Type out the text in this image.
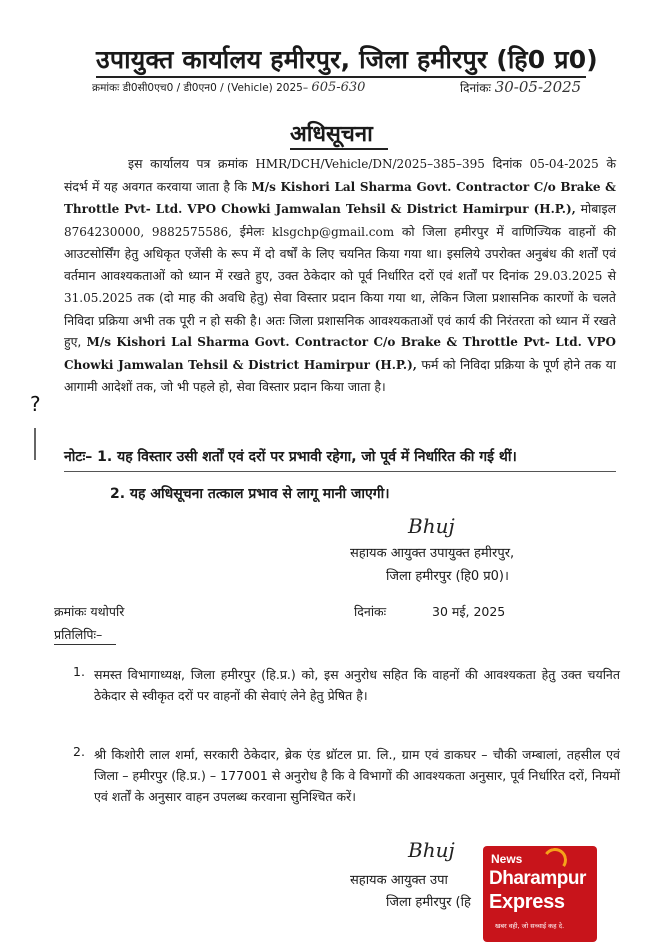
उपायुक्त कार्यालय हमीरपुर, जिला हमीरपुर (हि0 प्र0)
क्रमांकः डी0सी0एच0 / डी0एन0 / (Vehicle) 2025– 605-630	दिनांकः 30-05-2025
अधिसूचना
इस कार्यालय पत्र क्रमांक HMR/DCH/Vehicle/DN/2025–385–395 दिनांक 05-04-2025 के संदर्भ में यह अवगत करवाया जाता है कि M/s Kishori Lal Sharma Govt. Contractor C/o Brake & Throttle Pvt- Ltd. VPO Chowki Jamwalan Tehsil & District Hamirpur (H.P.), मोबाइल 8764230000, 9882575586, ईमेलः klsgchp@gmail.com को जिला हमीरपुर में वाणिज्यिक वाहनों की आउटसोर्सिंग हेतु अधिकृत एजेंसी के रूप में दो वर्षों के लिए चयनित किया गया था। इसलिये उपरोक्त अनुबंध की शर्तों एवं वर्तमान आवश्यकताओं को ध्यान में रखते हुए, उक्त ठेकेदार को पूर्व निर्धारित दरों एवं शर्तों पर दिनांक 29.03.2025 से 31.05.2025 तक (दो माह की अवधि हेतु) सेवा विस्तार प्रदान किया गया था, लेकिन जिला प्रशासनिक कारणों के चलते निविदा प्रक्रिया अभी तक पूरी न हो सकी है। अतः जिला प्रशासनिक आवश्यकताओं एवं कार्य की निरंतरता को ध्यान में रखते हुए, M/s Kishori Lal Sharma Govt. Contractor C/o Brake & Throttle Pvt- Ltd. VPO Chowki Jamwalan Tehsil & District Hamirpur (H.P.), फर्म को निविदा प्रक्रिया के पूर्ण होने तक या आगामी आदेशों तक, जो भी पहले हो, सेवा विस्तार प्रदान किया जाता है।
नोटः– 1. यह विस्तार उसी शर्तों एवं दरों पर प्रभावी रहेगा, जो पूर्व में निर्धारित की गई थीं।
2. यह अधिसूचना तत्काल प्रभाव से लागू मानी जाएगी।
Bhuj
सहायक आयुक्त उपायुक्त हमीरपुर,
जिला हमीरपुर (हि0 प्र0)।
क्रमांकः यथोपरि	दिनांकः	30 मई, 2025
प्रतिलिपिः–
1. समस्त विभागाध्यक्ष, जिला हमीरपुर (हि.प्र.) को, इस अनुरोध सहित कि वाहनों की आवश्यकता हेतु उक्त चयनित ठेकेदार से स्वीकृत दरों पर वाहनों की सेवाएं लेने हेतु प्रेषित है।
2. श्री किशोरी लाल शर्मा, सरकारी ठेकेदार, ब्रेक एंड थ्रॉटल प्रा. लि., ग्राम एवं डाकघर – चौकी जम्बालां, तहसील एवं जिला – हमीरपुर (हि.प्र.) – 177001 से अनुरोध है कि वे विभागों की आवश्यकता अनुसार, पूर्व निर्धारित दरों, नियमों एवं शर्तों के अनुसार वाहन उपलब्ध करवाना सुनिश्चित करें।
Bhuj
सहायक आयुक्त उपा
जिला हमीरपुर (हि
?
News
Dharampur
Express
खबर वही, जो सच्चाई कह दे.
